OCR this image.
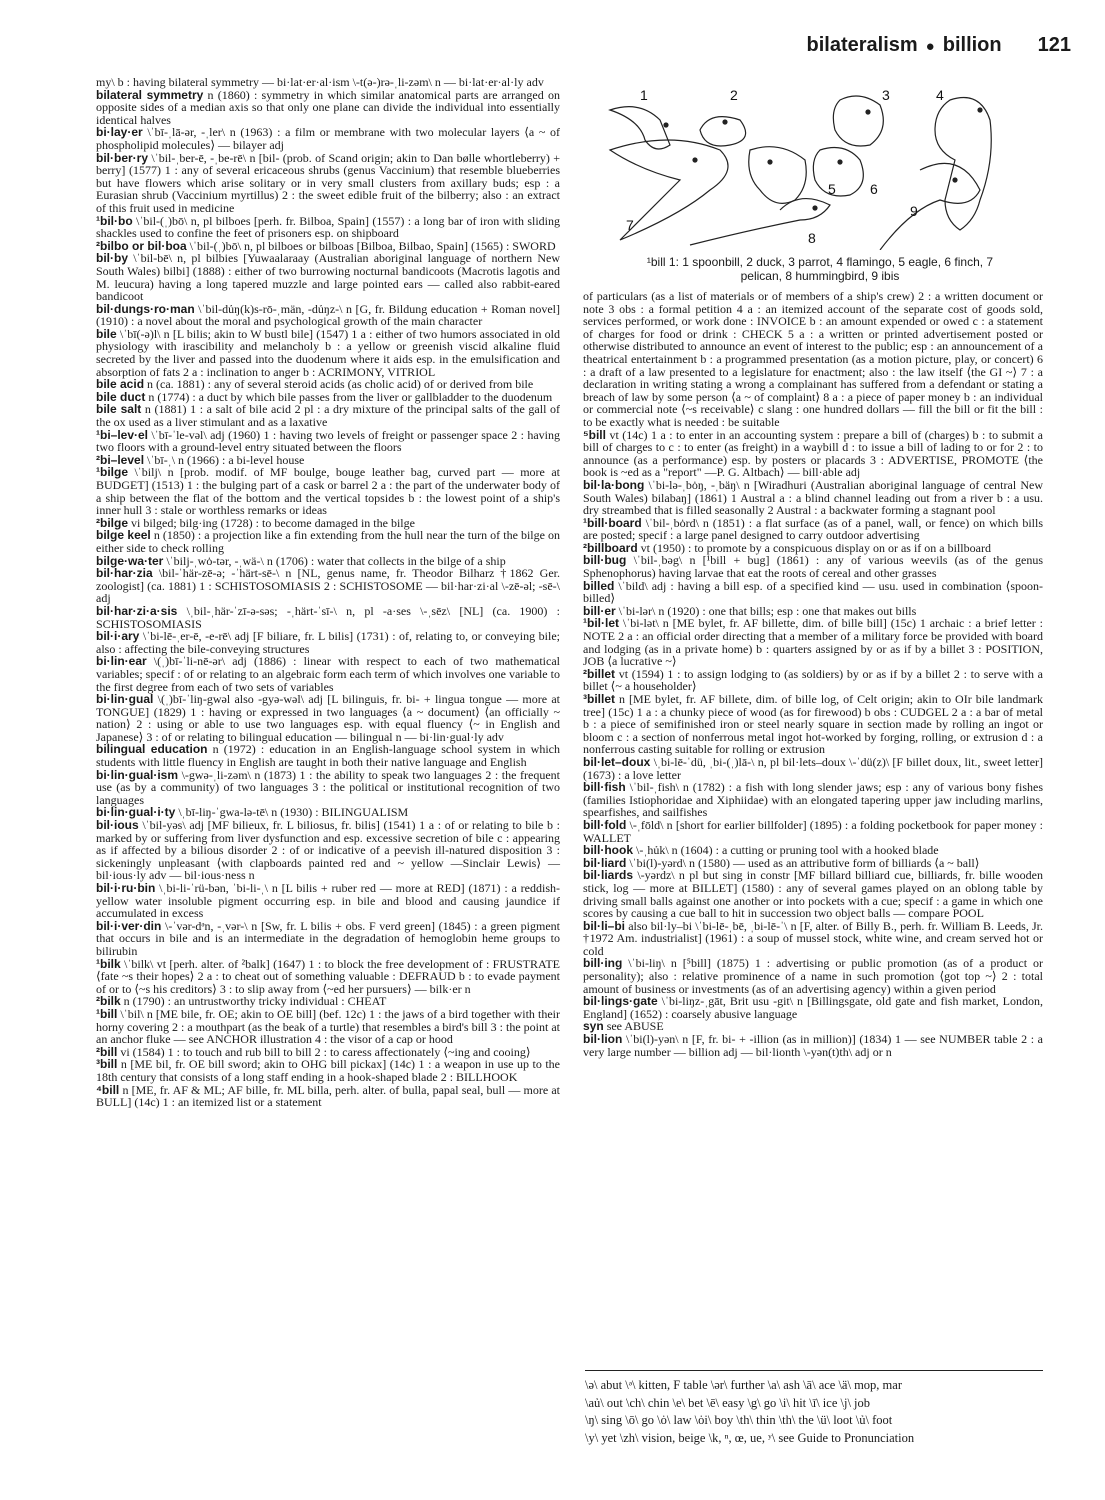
bilateralism ● billion 121

my\ b : having bilateral symmetry — bi·lat·er·al·ism \-t(ə-)rə-ˌli-zəm\ n — bi·lat·er·al·ly adv

bilateral symmetry n (1860) : symmetry in which similar anatomical parts are arranged on opposite sides of a median axis so that only one plane can divide the individual into essentially identical halves

bi·lay·er \ˈbī-ˌlā-ər, -ˌler\ n (1963) : a film or membrane with two molecular layers ⟨a ~ of phospholipid molecules⟩ — bilayer adj

bil·ber·ry \ˈbil-ˌber-ē, -ˌbe-rē\ n [bil- (prob. of Scand origin; akin to Dan bølle whortleberry) + berry] (1577) 1 : any of several ericaceous shrubs (genus Vaccinium) that resemble blueberries but have flowers which arise solitary or in very small clusters from axillary buds; esp : a Eurasian shrub (Vaccinium myrtillus) 2 : the sweet edible fruit of the bilberry; also : an extract of this fruit used in medicine

¹bil·bo \ˈbil-(ˌ)bō\ n, pl bilboes [perh. fr. Bilboa, Spain] (1557) : a long bar of iron with sliding shackles used to confine the feet of prisoners esp. on shipboard

²bilbo or bil·boa \ˈbil-(ˌ)bō\ n, pl bilboes or bilboas [Bilboa, Bilbao, Spain] (1565) : SWORD

bil·by \ˈbil-bē\ n, pl bilbies [Yuwaalaraay (Australian aboriginal language of northern New South Wales) bilbi] (1888) : either of two burrowing nocturnal bandicoots (Macrotis lagotis and M. leucura) having a long tapered muzzle and large pointed ears — called also rabbit-eared bandicoot

bil·dungs·ro·man \ˈbil-dủŋ(k)s-rō-ˌmän, -dủŋz-\ n [G, fr. Bildung education + Roman novel] (1910) : a novel about the moral and psychological growth of the main character

bile \ˈbī(-ə)l\ n [L bilis; akin to W bustl bile] (1547) 1 a : either of two humors associated in old physiology with irascibility and melancholy b : a yellow or greenish viscid alkaline fluid secreted by the liver and passed into the duodenum where it aids esp. in the emulsification and absorption of fats 2 a : inclination to anger b : ACRIMONY, VITRIOL

bile acid n (ca. 1881) : any of several steroid acids (as cholic acid) of or derived from bile

bile duct n (1774) : a duct by which bile passes from the liver or gallbladder to the duodenum

bile salt n (1881) 1 : a salt of bile acid 2 pl : a dry mixture of the principal salts of the gall of the ox used as a liver stimulant and as a laxative

¹bi–lev·el \ˈbī-ˈle-vəl\ adj (1960) 1 : having two levels of freight or passenger space 2 : having two floors with a ground-level entry situated between the floors

²bi–level \ˈbī-ˌ\ n (1966) : a bi-level house

¹bilge \ˈbilj\ n [prob. modif. of MF boulge, bouge leather bag, curved part — more at BUDGET] (1513) 1 : the bulging part of a cask or barrel 2 a : the part of the underwater body of a ship between the flat of the bottom and the vertical topsides b : the lowest point of a ship's inner hull 3 : stale or worthless remarks or ideas

²bilge vi bilged; bilg·ing (1728) : to become damaged in the bilge

bilge keel n (1850) : a projection like a fin extending from the hull near the turn of the bilge on either side to check rolling

bilge·wa·ter \ˈbilj-ˌwȯ-tər, -ˌwä-\ n (1706) : water that collects in the bilge of a ship

bil·har·zia \bil-ˈhär-zē-ə; -ˈhärt-sē-\ n [NL, genus name, fr. Theodor Bilharz †1862 Ger. zoologist] (ca. 1881) 1 : SCHISTOSOMIASIS 2 : SCHISTOSOME — bil·har·zi·al \-zē-əl; -sē-\ adj

bil·har·zi·a·sis \ˌbil-ˌhär-ˈzī-ə-səs; -ˌhärt-ˈsī-\ n, pl -a·ses \-ˌsēz\ [NL] (ca. 1900) : SCHISTOSOMIASIS

bil·i·ary \ˈbi-lē-ˌer-ē, -e-rē\ adj [F biliare, fr. L bilis] (1731) : of, relating to, or conveying bile; also : affecting the bile-conveying structures

bi·lin·ear \(ˌ)bī-ˈli-nē-ər\ adj (1886) : linear with respect to each of two mathematical variables; specif : of or relating to an algebraic form each term of which involves one variable to the first degree from each of two sets of variables

bi·lin·gual \(ˌ)bī-ˈliŋ-gwəl also -gyə-wəl\ adj [L bilinguis, fr. bi- + lingua tongue — more at TONGUE] (1829) 1 : having or expressed in two languages ⟨a ~ document⟩ ⟨an officially ~ nation⟩ 2 : using or able to use two languages esp. with equal fluency ⟨~ in English and Japanese⟩ 3 : of or relating to bilingual education — bilingual n — bi·lin·gual·ly adv

bilingual education n (1972) : education in an English-language school system in which students with little fluency in English are taught in both their native language and English

bi·lin·gual·ism \-gwə-ˌli-zəm\ n (1873) 1 : the ability to speak two languages 2 : the frequent use (as by a community) of two languages 3 : the political or institutional recognition of two languages

bi·lin·gual·i·ty \ˌbī-liŋ-ˈgwa-lə-tē\ n (1930) : BILINGUALISM

bil·ious \ˈbil-yəs\ adj [MF bilieux, fr. L biliosus, fr. bilis] (1541) 1 a : of or relating to bile b : marked by or suffering from liver dysfunction and esp. excessive secretion of bile c : appearing as if affected by a bilious disorder 2 : of or indicative of a peevish ill-natured disposition 3 : sickeningly unpleasant ⟨with clapboards painted red and ~ yellow —Sinclair Lewis⟩ — bil·ious·ly adv — bil·ious·ness n

bil·i·ru·bin \ˌbi-li-ˈrü-bən, ˈbi-li-ˌ\ n [L bilis + ruber red — more at RED] (1871) : a reddish-yellow water insoluble pigment occurring esp. in bile and blood and causing jaundice if accumulated in excess

bil·i·ver·din \-ˈvər-dᵊn, -ˌvər-\ n [Sw, fr. L bilis + obs. F verd green] (1845) : a green pigment that occurs in bile and is an intermediate in the degradation of hemoglobin heme groups to bilirubin

¹bilk \ˈbilk\ vt [perh. alter. of ²balk] (1647) 1 : to block the free development of : FRUSTRATE ⟨fate ~s their hopes⟩ 2 a : to cheat out of something valuable : DEFRAUD b : to evade payment of or to ⟨~s his creditors⟩ 3 : to slip away from ⟨~ed her pursuers⟩ — bilk·er n

²bilk n (1790) : an untrustworthy tricky individual : CHEAT

¹bill \ˈbil\ n [ME bile, fr. OE; akin to OE bill] (bef. 12c) 1 : the jaws of a bird together with their horny covering 2 : a mouthpart (as the beak of a turtle) that resembles a bird's bill 3 : the point at an anchor fluke — see ANCHOR illustration 4 : the visor of a cap or hood

²bill vi (1584) 1 : to touch and rub bill to bill 2 : to caress affectionately ⟨~ing and cooing⟩

³bill n [ME bil, fr. OE bill sword; akin to OHG bill pickax] (14c) 1 : a weapon in use up to the 18th century that consists of a long staff ending in a hook-shaped blade 2 : BILLHOOK

⁴bill n [ME, fr. AF & ML; AF bille, fr. ML billa, perh. alter. of bulla, papal seal, bull — more at BULL] (14c) 1 : an itemized list or a statement

1	2	3	4
5 6
7
8
9
¹bill 1: 1 spoonbill, 2 duck, 3 parrot, 4 flamingo, 5 eagle, 6 finch, 7
pelican, 8 hummingbird, 9 ibis

of particulars (as a list of materials or of members of a ship's crew) 2 : a written document or note 3 obs : a formal petition 4 a : an itemized account of the separate cost of goods sold, services performed, or work done : INVOICE b : an amount expended or owed c : a statement of charges for food or drink : CHECK 5 a : a written or printed advertisement posted or otherwise distributed to announce an event of interest to the public; esp : an announcement of a theatrical entertainment b : a programmed presentation (as a motion picture, play, or concert) 6 : a draft of a law presented to a legislature for enactment; also : the law itself ⟨the GI ~⟩ 7 : a declaration in writing stating a wrong a complainant has suffered from a defendant or stating a breach of law by some person ⟨a ~ of complaint⟩ 8 a : a piece of paper money b : an individual or commercial note ⟨~s receivable⟩ c slang : one hundred dollars — fill the bill or fit the bill : to be exactly what is needed : be suitable

⁵bill vt (14c) 1 a : to enter in an accounting system : prepare a bill of (charges) b : to submit a bill of charges to c : to enter (as freight) in a waybill d : to issue a bill of lading to or for 2 : to announce (as a performance) esp. by posters or placards 3 : ADVERTISE, PROMOTE ⟨the book is ~ed as a "report" —P. G. Altbach⟩ — bill·able adj

bil·la·bong \ˈbi-lə-ˌbȯŋ, -ˌbäŋ\ n [Wiradhuri (Australian aboriginal language of central New South Wales) bilabaŋ] (1861) 1 Austral a : a blind channel leading out from a river b : a usu. dry streambed that is filled seasonally 2 Austral : a backwater forming a stagnant pool

¹bill·board \ˈbil-ˌbȯrd\ n (1851) : a flat surface (as of a panel, wall, or fence) on which bills are posted; specif : a large panel designed to carry outdoor advertising

²billboard vt (1950) : to promote by a conspicuous display on or as if on a billboard

bill·bug \ˈbil-ˌbəg\ n [¹bill + bug] (1861) : any of various weevils (as of the genus Sphenophorus) having larvae that eat the roots of cereal and other grasses

billed \ˈbild\ adj : having a bill esp. of a specified kind — usu. used in combination ⟨spoon-billed⟩

bill·er \ˈbi-lər\ n (1920) : one that bills; esp : one that makes out bills

¹bil·let \ˈbi-lət\ n [ME bylet, fr. AF billette, dim. of bille bill] (15c) 1 archaic : a brief letter : NOTE 2 a : an official order directing that a member of a military force be provided with board and lodging (as in a private home) b : quarters assigned by or as if by a billet 3 : POSITION, JOB ⟨a lucrative ~⟩

²billet vt (1594) 1 : to assign lodging to (as soldiers) by or as if by a billet 2 : to serve with a billet ⟨~ a householder⟩

³billet n [ME bylet, fr. AF billete, dim. of bille log, of Celt origin; akin to OIr bile landmark tree] (15c) 1 a : a chunky piece of wood (as for firewood) b obs : CUDGEL 2 a : a bar of metal b : a piece of semifinished iron or steel nearly square in section made by rolling an ingot or bloom c : a section of nonferrous metal ingot hot-worked by forging, rolling, or extrusion d : a nonferrous casting suitable for rolling or extrusion

bil·let–doux \ˌbi-lē-ˈdü, ˌbi-(ˌ)lā-\ n, pl bil·lets–doux \-ˈdü(z)\ [F billet doux, lit., sweet letter] (1673) : a love letter

bill·fish \ˈbil-ˌfish\ n (1782) : a fish with long slender jaws; esp : any of various bony fishes (families Istiophoridae and Xiphiidae) with an elongated tapering upper jaw including marlins, spearfishes, and sailfishes

bill·fold \-ˌfōld\ n [short for earlier billfolder] (1895) : a folding pocketbook for paper money : WALLET

bill·hook \-ˌhủk\ n (1604) : a cutting or pruning tool with a hooked blade

bil·liard \ˈbi(l)-yərd\ n (1580) — used as an attributive form of billiards ⟨a ~ ball⟩

bil·liards \-yərdz\ n pl but sing in constr [MF billard billiard cue, billiards, fr. bille wooden stick, log — more at BILLET] (1580) : any of several games played on an oblong table by driving small balls against one another or into pockets with a cue; specif : a game in which one scores by causing a cue ball to hit in succession two object balls — compare POOL

bil·li–bi also bil·ly–bi \ˈbi-lē-ˌbē, ˌbi-lē-ˈ\ n [F, alter. of Billy B., perh. fr. William B. Leeds, Jr. †1972 Am. industrialist] (1961) : a soup of mussel stock, white wine, and cream served hot or cold

bill·ing \ˈbi-liŋ\ n [⁵bill] (1875) 1 : advertising or public promotion (as of a product or personality); also : relative prominence of a name in such promotion ⟨got top ~⟩ 2 : total amount of business or investments (as of an advertising agency) within a given period

bil·lings·gate \ˈbi-liŋz-ˌgāt, Brit usu -git\ n [Billingsgate, old gate and fish market, London, England] (1652) : coarsely abusive language

syn see ABUSE

bil·lion \ˈbi(l)-yən\ n [F, fr. bi- + -illion (as in million)] (1834) 1 — see NUMBER table 2 : a very large number — billion adj — bil·lionth \-yən(t)th\ adj or n

\ə\ abut \ᵊ\ kitten, F table \ər\ further \a\ ash \ā\ ace \ä\ mop, mar
\aủ\ out \ch\ chin \e\ bet \ē\ easy \g\ go \i\ hit \ī\ ice \j\ job
\ŋ\ sing \ō\ go \ȯ\ law \ȯi\ boy \th\ thin \th\ the \ü\ loot \ủ\ foot
\y\ yet \zh\ vision, beige \k, ⁿ, œ, ue, ʸ\ see Guide to Pronunciation
